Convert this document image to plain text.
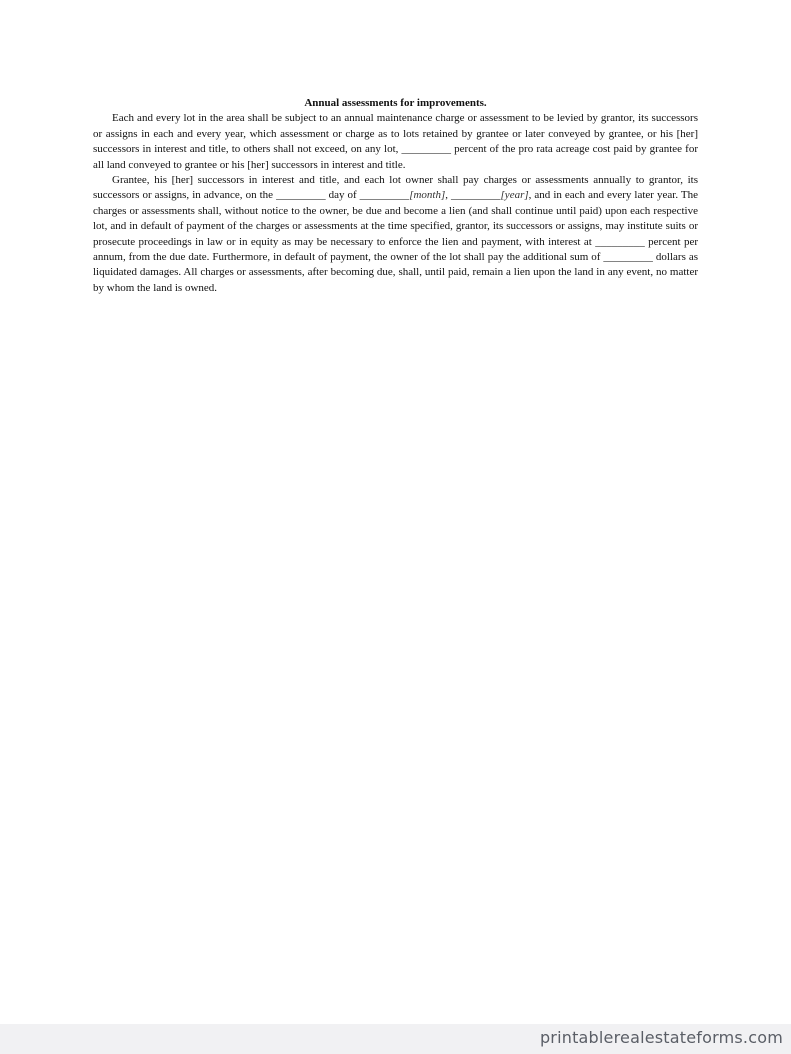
Annual assessments for improvements.

Each and every lot in the area shall be subject to an annual maintenance charge or assessment to be levied by grantor, its successors or assigns in each and every year, which assessment or charge as to lots retained by grantee or later conveyed by grantee, or his [her] successors in interest and title, to others shall not exceed, on any lot, _________ percent of the pro rata acreage cost paid by grantee for all land conveyed to grantee or his [her] successors in interest and title.

Grantee, his [her] successors in interest and title, and each lot owner shall pay charges or assessments annually to grantor, its successors or assigns, in advance, on the _________ day of _________[month], _________[year], and in each and every later year. The charges or assessments shall, without notice to the owner, be due and become a lien (and shall continue until paid) upon each respective lot, and in default of payment of the charges or assessments at the time specified, grantor, its successors or assigns, may institute suits or prosecute proceedings in law or in equity as may be necessary to enforce the lien and payment, with interest at _________ percent per annum, from the due date. Furthermore, in default of payment, the owner of the lot shall pay the additional sum of _________ dollars as liquidated damages. All charges or assessments, after becoming due, shall, until paid, remain a lien upon the land in any event, no matter by whom the land is owned.

printablerealestateforms.com
